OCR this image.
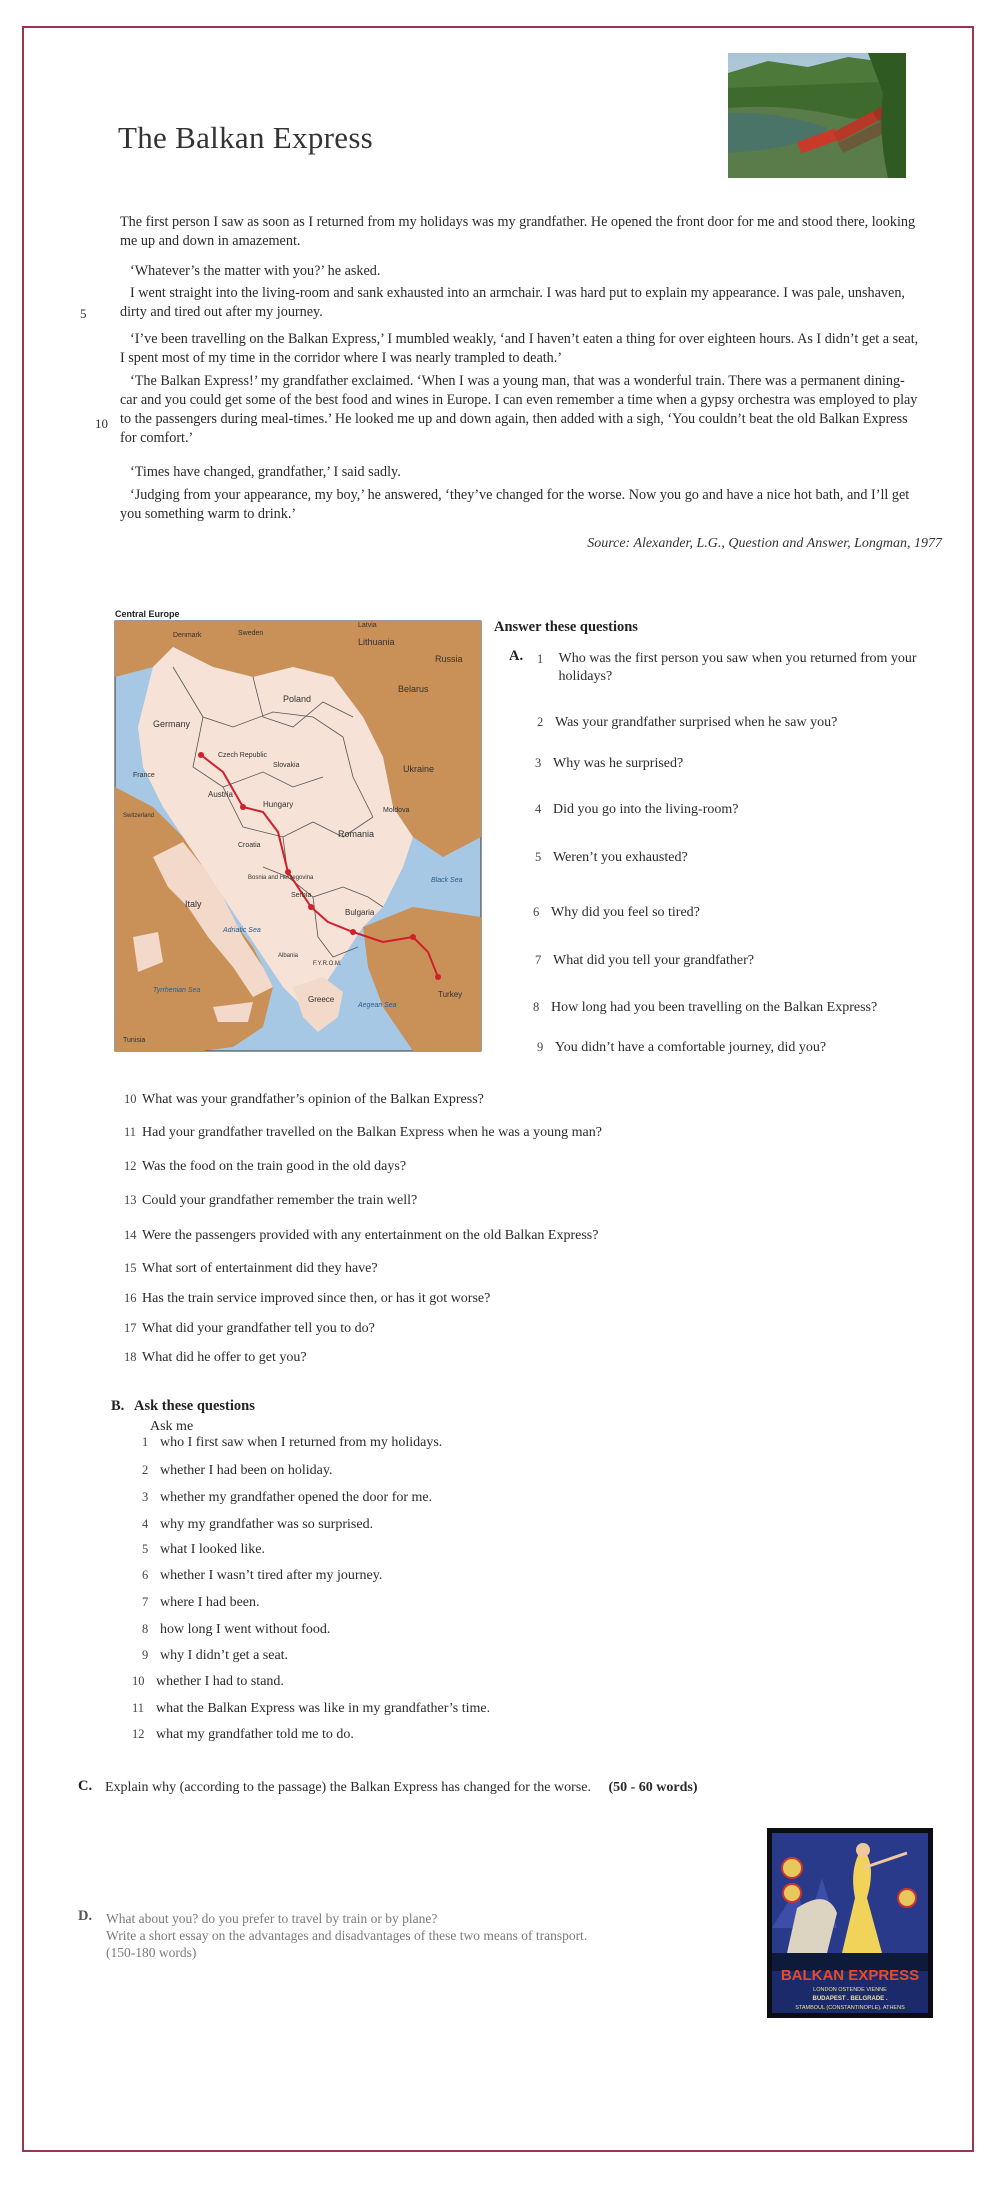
The Balkan Express
The first person I saw as soon as I returned from my holidays was my grandfather. He opened the front door for me and stood there, looking me up and down in amazement.
‘Whatever’s the matter with you?’ he asked.
I went straight into the living-room and sank exhausted into an armchair. I was hard put to explain my appearance. I was pale, unshaven, dirty and tired out after my journey.
‘I’ve been travelling on the Balkan Express,’ I mumbled weakly, ‘and I haven’t eaten a thing for over eighteen hours. As I didn’t get a seat, I spent most of my time in the corridor where I was nearly trampled to death.’
‘The Balkan Express!’ my grandfather exclaimed. ‘When I was a young man, that was a wonderful train. There was a permanent dining-car and you could get some of the best food and wines in Europe. I can even remember a time when a gypsy orchestra was employed to play to the passengers during meal-times.’ He looked me up and down again, then added with a sigh, ‘You couldn’t beat the old Balkan Express for comfort.’
‘Times have changed, grandfather,’ I said sadly.
‘Judging from your appearance, my boy,’ he answered, ‘they’ve changed for the worse. Now you go and have a nice hot bath, and I’ll get you something warm to drink.’
5
10
Source: Alexander, L.G., Question and Answer, Longman, 1977
Central Europe
Germany
Poland
Ukraine
Belarus
Russia
Lithuania
Latvia
Czech Republic
Austria
Hungary
Romania
Italy
Bulgaria
Serbia
Greece
Turkey
Moldova
Slovakia
Croatia
Bosnia and Herzegovina
Albania
F.Y.R.O.M.
France
Switzerland
Denmark	Sweden
Tunisia
Black Sea
Adriatic Sea
Aegean Sea
Tyrrhenian Sea
Answer these questions
A. 1 Who was the first person you saw when you returned from your holidays?
2 Was your grandfather surprised when he saw you?
3 Why was he surprised?
4 Did you go into the living-room?
5 Weren’t you exhausted?
6 Why did you feel so tired?
7 What did you tell your grandfather?
8 How long had you been travelling on the Balkan Express?
9 You didn’t have a comfortable journey, did you?
10 What was your grandfather’s opinion of the Balkan Express?
11 Had your grandfather travelled on the Balkan Express when he was a young man?
12 Was the food on the train good in the old days?
13 Could your grandfather remember the train well?
14 Were the passengers provided with any entertainment on the old Balkan Express?
15 What sort of entertainment did they have?
16 Has the train service improved since then, or has it got worse?
17 What did your grandfather tell you to do?
18 What did he offer to get you?
B. Ask these questions
Ask me
1 who I first saw when I returned from my holidays.
2 whether I had been on holiday.
3 whether my grandfather opened the door for me.
4 why my grandfather was so surprised.
5 what I looked like.
6 whether I wasn’t tired after my journey.
7 where I had been.
8 how long I went without food.
9 why I didn’t get a seat.
10 whether I had to stand.
11 what the Balkan Express was like in my grandfather’s time.
12 what my grandfather told me to do.
C. Explain why (according to the passage) the Balkan Express has changed for the worse. (50 - 60 words)
D. What about you? do you prefer to travel by train or by plane?
Write a short essay on the advantages and disadvantages of these two means of transport.
(150-180 words)
BALKAN EXPRESS
LONDON OSTENDE VIENNE
BUDAPEST . BELGRADE .
STAMBOUL (CONSTANTINOPLE). ATHENS
